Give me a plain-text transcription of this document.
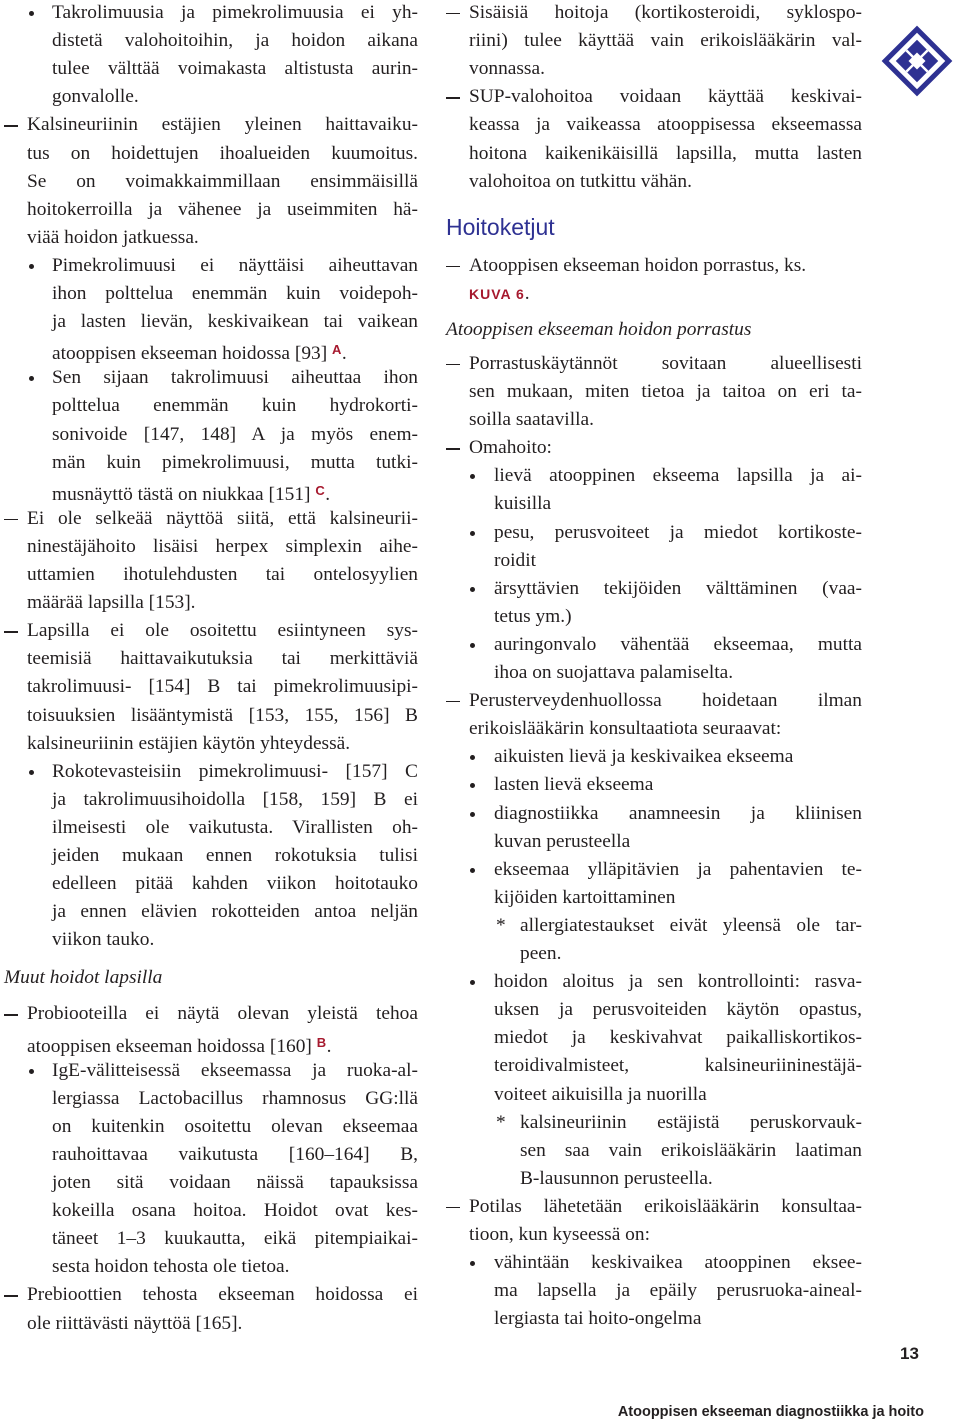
Takrolimuusia ja pimekrolimuusia ei yh-
distetä valohoitoihin, ja hoidon aikana
tulee välttää voimakasta altistusta aurin-
gonvalolle.
Kalsineuriinin estäjien yleinen haittavaiku-
tus on hoidettujen ihoalueiden kuumoitus.
Se on voimakkaimmillaan ensimmäisillä
hoitokerroilla ja vähenee ja useimmiten hä-
viää hoidon jatkuessa.
Pimekrolimuusi ei näyttäisi aiheuttavan
ihon polttelua enemmän kuin voidepoh-
ja lasten lievän, keskivaikean tai vaikean
atooppisen ekseeman hoidossa [93] $^A$.
Sen sijaan takrolimuusi aiheuttaa ihon
polttelua enemmän kuin hydrokorti-
sonivoide [147, 148] A ja myös enem-
män kuin pimekrolimuusi, mutta tutki-
musnäyttö tästä on niukkaa [151] $^C$.
Ei ole selkeää näyttöä siitä, että kalsineurii-
ninestäjähoito lisäisi herpex simplexin aihe-
uttamien ihotulehdusten tai ontelosyylien
määrää lapsilla [153].
Lapsilla ei ole osoitettu esiintyneen sys-
teemisiä haittavaikutuksia tai merkittäviä
takrolimuusi- [154] B tai pimekrolimuusipi-
toisuuksien lisääntymistä [153, 155, 156] B
kalsineuriinin estäjien käytön yhteydessä.
Rokotevasteisiin pimekrolimuusi- [157] C
ja takrolimuusihoidolla [158, 159] B ei
ilmeisesti ole vaikutusta. Virallisten oh-
jeiden mukaan ennen rokotuksia tulisi
edelleen pitää kahden viikon hoitotauko
ja ennen elävien rokotteiden antoa neljän
viikon tauko.
Muut hoidot lapsilla
Probiooteilla ei näytä olevan yleistä tehoa
atooppisen ekseeman hoidossa [160] $^B$.
IgE-välitteisessä ekseemassa ja ruoka-al-
lergiassa Lactobacillus rhamnosus GG:llä
on kuitenkin osoitettu olevan ekseemaa
rauhoittavaa vaikutusta [160–164] B,
joten sitä voidaan näissä tapauksissa
kokeilla osana hoitoa. Hoidot ovat kes-
täneet 1–3 kuukautta, eikä pitempiaikai-
sesta hoidon tehosta ole tietoa.
Prebioottien tehosta ekseeman hoidossa ei
ole riittävästi näyttöä [165].
Sisäisiä hoitoja (kortikosteroidi, syklospo-
riini) tulee käyttää vain erikoislääkärin val-
vonnassa.
SUP-valohoitoa voidaan käyttää keskivai-
keassa ja vaikeassa atooppisessa ekseemassa
hoitona kaikenikäisillä lapsilla, mutta lasten
valohoitoa on tutkittu vähän.
Hoitoketjut
Atooppisen ekseeman hoidon porrastus, ks.
KUVA 6.
Atooppisen ekseeman hoidon porrastus
Porrastuskäytännöt sovitaan alueellisesti
sen mukaan, miten tietoa ja taitoa on eri ta-
soilla saatavilla.
Omahoito:
lievä atooppinen ekseema lapsilla ja ai-
kuisilla
pesu, perusvoiteet ja miedot kortikoste-
roidit
ärsyttävien tekijöiden välttäminen (vaa-
tetus ym.)
auringonvalo vähentää ekseemaa, mutta
ihoa on suojattava palamiselta.
Perusterveydenhuollossa hoidetaan ilman
erikoislääkärin konsultaatiota seuraavat:
aikuisten lievä ja keskivaikea ekseema
lasten lievä ekseema
diagnostiikka anamneesin ja kliinisen
kuvan perusteella
ekseemaa ylläpitävien ja pahentavien te-
kijöiden kartoittaminen
* allergiatestaukset eivät yleensä ole tar-
peen.
hoidon aloitus ja sen kontrollointi: rasva-
uksen ja perusvoiteiden käytön opastus,
miedot ja keskivahvat paikalliskortikos-
teroidivalmisteet, kalsineuriininestäjä-
voiteet aikuisilla ja nuorilla
* kalsineuriinin estäjistä peruskorvauk-
sen saa vain erikoislääkärin laatiman
B-lausunnon perusteella.
Potilas lähetetään erikoislääkärin konsultaa-
tioon, kun kyseessä on:
vähintään keskivaikea atooppinen eksee-
ma lapsella ja epäily perusruoka-aineal-
lergiasta tai hoito-ongelma
13
Atooppisen ekseeman diagnostiikka ja hoito
